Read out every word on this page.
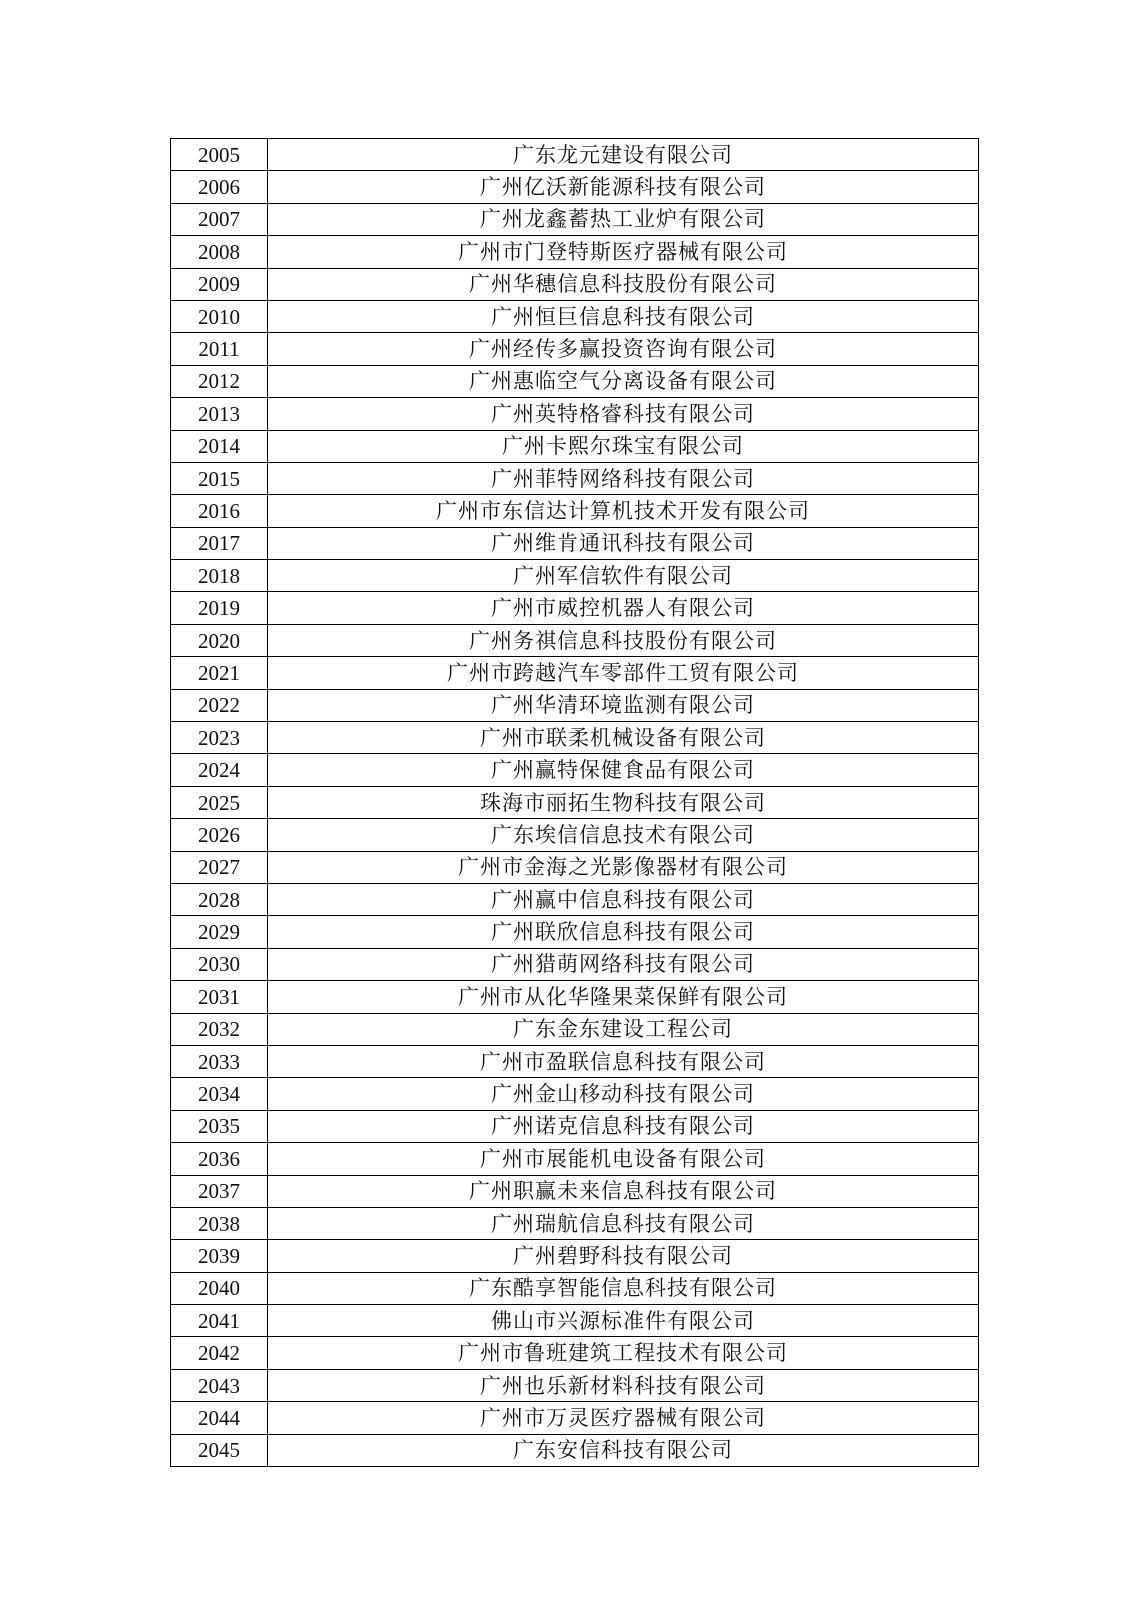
2005	广东龙元建设有限公司
2006	广州亿沃新能源科技有限公司
2007	广州龙鑫蓄热工业炉有限公司
2008	广州市门登特斯医疗器械有限公司
2009	广州华穗信息科技股份有限公司
2010	广州恒巨信息科技有限公司
2011	广州经传多赢投资咨询有限公司
2012	广州惠临空气分离设备有限公司
2013	广州英特格睿科技有限公司
2014	广州卡熙尔珠宝有限公司
2015	广州菲特网络科技有限公司
2016	广州市东信达计算机技术开发有限公司
2017	广州维肯通讯科技有限公司
2018	广州军信软件有限公司
2019	广州市威控机器人有限公司
2020	广州务祺信息科技股份有限公司
2021	广州市跨越汽车零部件工贸有限公司
2022	广州华清环境监测有限公司
2023	广州市联柔机械设备有限公司
2024	广州赢特保健食品有限公司
2025	珠海市丽拓生物科技有限公司
2026	广东埃信信息技术有限公司
2027	广州市金海之光影像器材有限公司
2028	广州赢中信息科技有限公司
2029	广州联欣信息科技有限公司
2030	广州猎萌网络科技有限公司
2031	广州市从化华隆果菜保鲜有限公司
2032	广东金东建设工程公司
2033	广州市盈联信息科技有限公司
2034	广州金山移动科技有限公司
2035	广州诺克信息科技有限公司
2036	广州市展能机电设备有限公司
2037	广州职赢未来信息科技有限公司
2038	广州瑞航信息科技有限公司
2039	广州碧野科技有限公司
2040	广东酷享智能信息科技有限公司
2041	佛山市兴源标准件有限公司
2042	广州市鲁班建筑工程技术有限公司
2043	广州也乐新材料科技有限公司
2044	广州市万灵医疗器械有限公司
2045	广东安信科技有限公司
